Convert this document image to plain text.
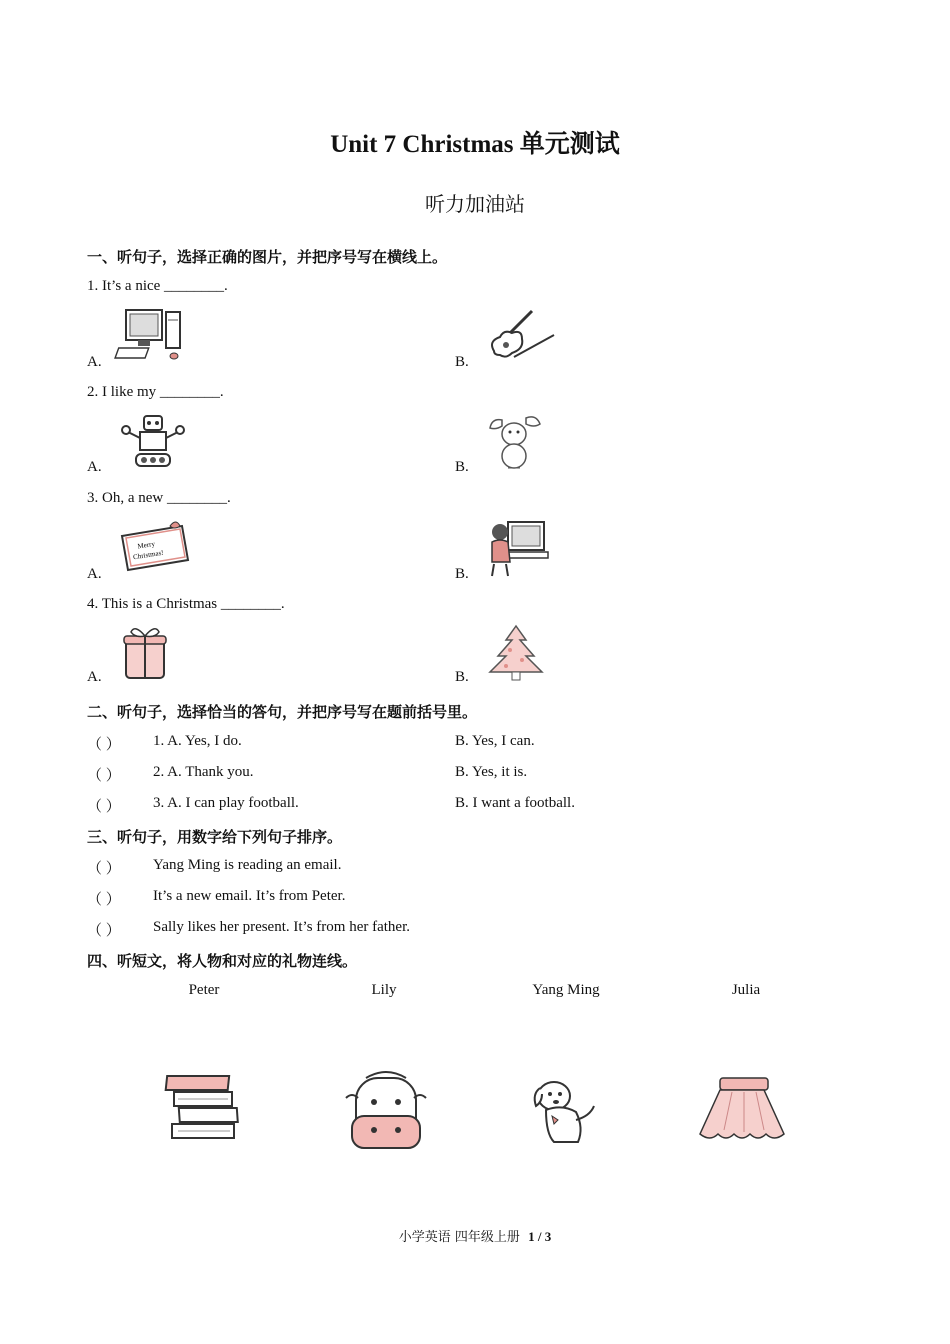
Unit 7 Christmas 单元测试
听力加油站
一、听句子，选择正确的图片，并把序号写在横线上。
1. It’s a nice ________.
A.	B.
2. I like my ________.
A.	B.
3. Oh, a new ________.
A.	B.
Merry
Christmas!
4. This is a Christmas ________.
A.	B.
二、听句子，选择恰当的答句，并把序号写在题前括号里。
（ ） 1. A. Yes, I do.	B. Yes, I can.
（ ） 2. A. Thank you.	B. Yes, it is.
（ ） 3. A. I can play football.	B. I want a football.
三、听句子，用数字给下列句子排序。
（ ） Yang Ming is reading an email.
（ ） It’s a new email. It’s from Peter.
（ ） Sally likes her present. It’s from her father.
四、听短文，将人物和对应的礼物连线。
Peter	Lily	Yang Ming	Julia
小学英语 四年级上册 1 / 3
